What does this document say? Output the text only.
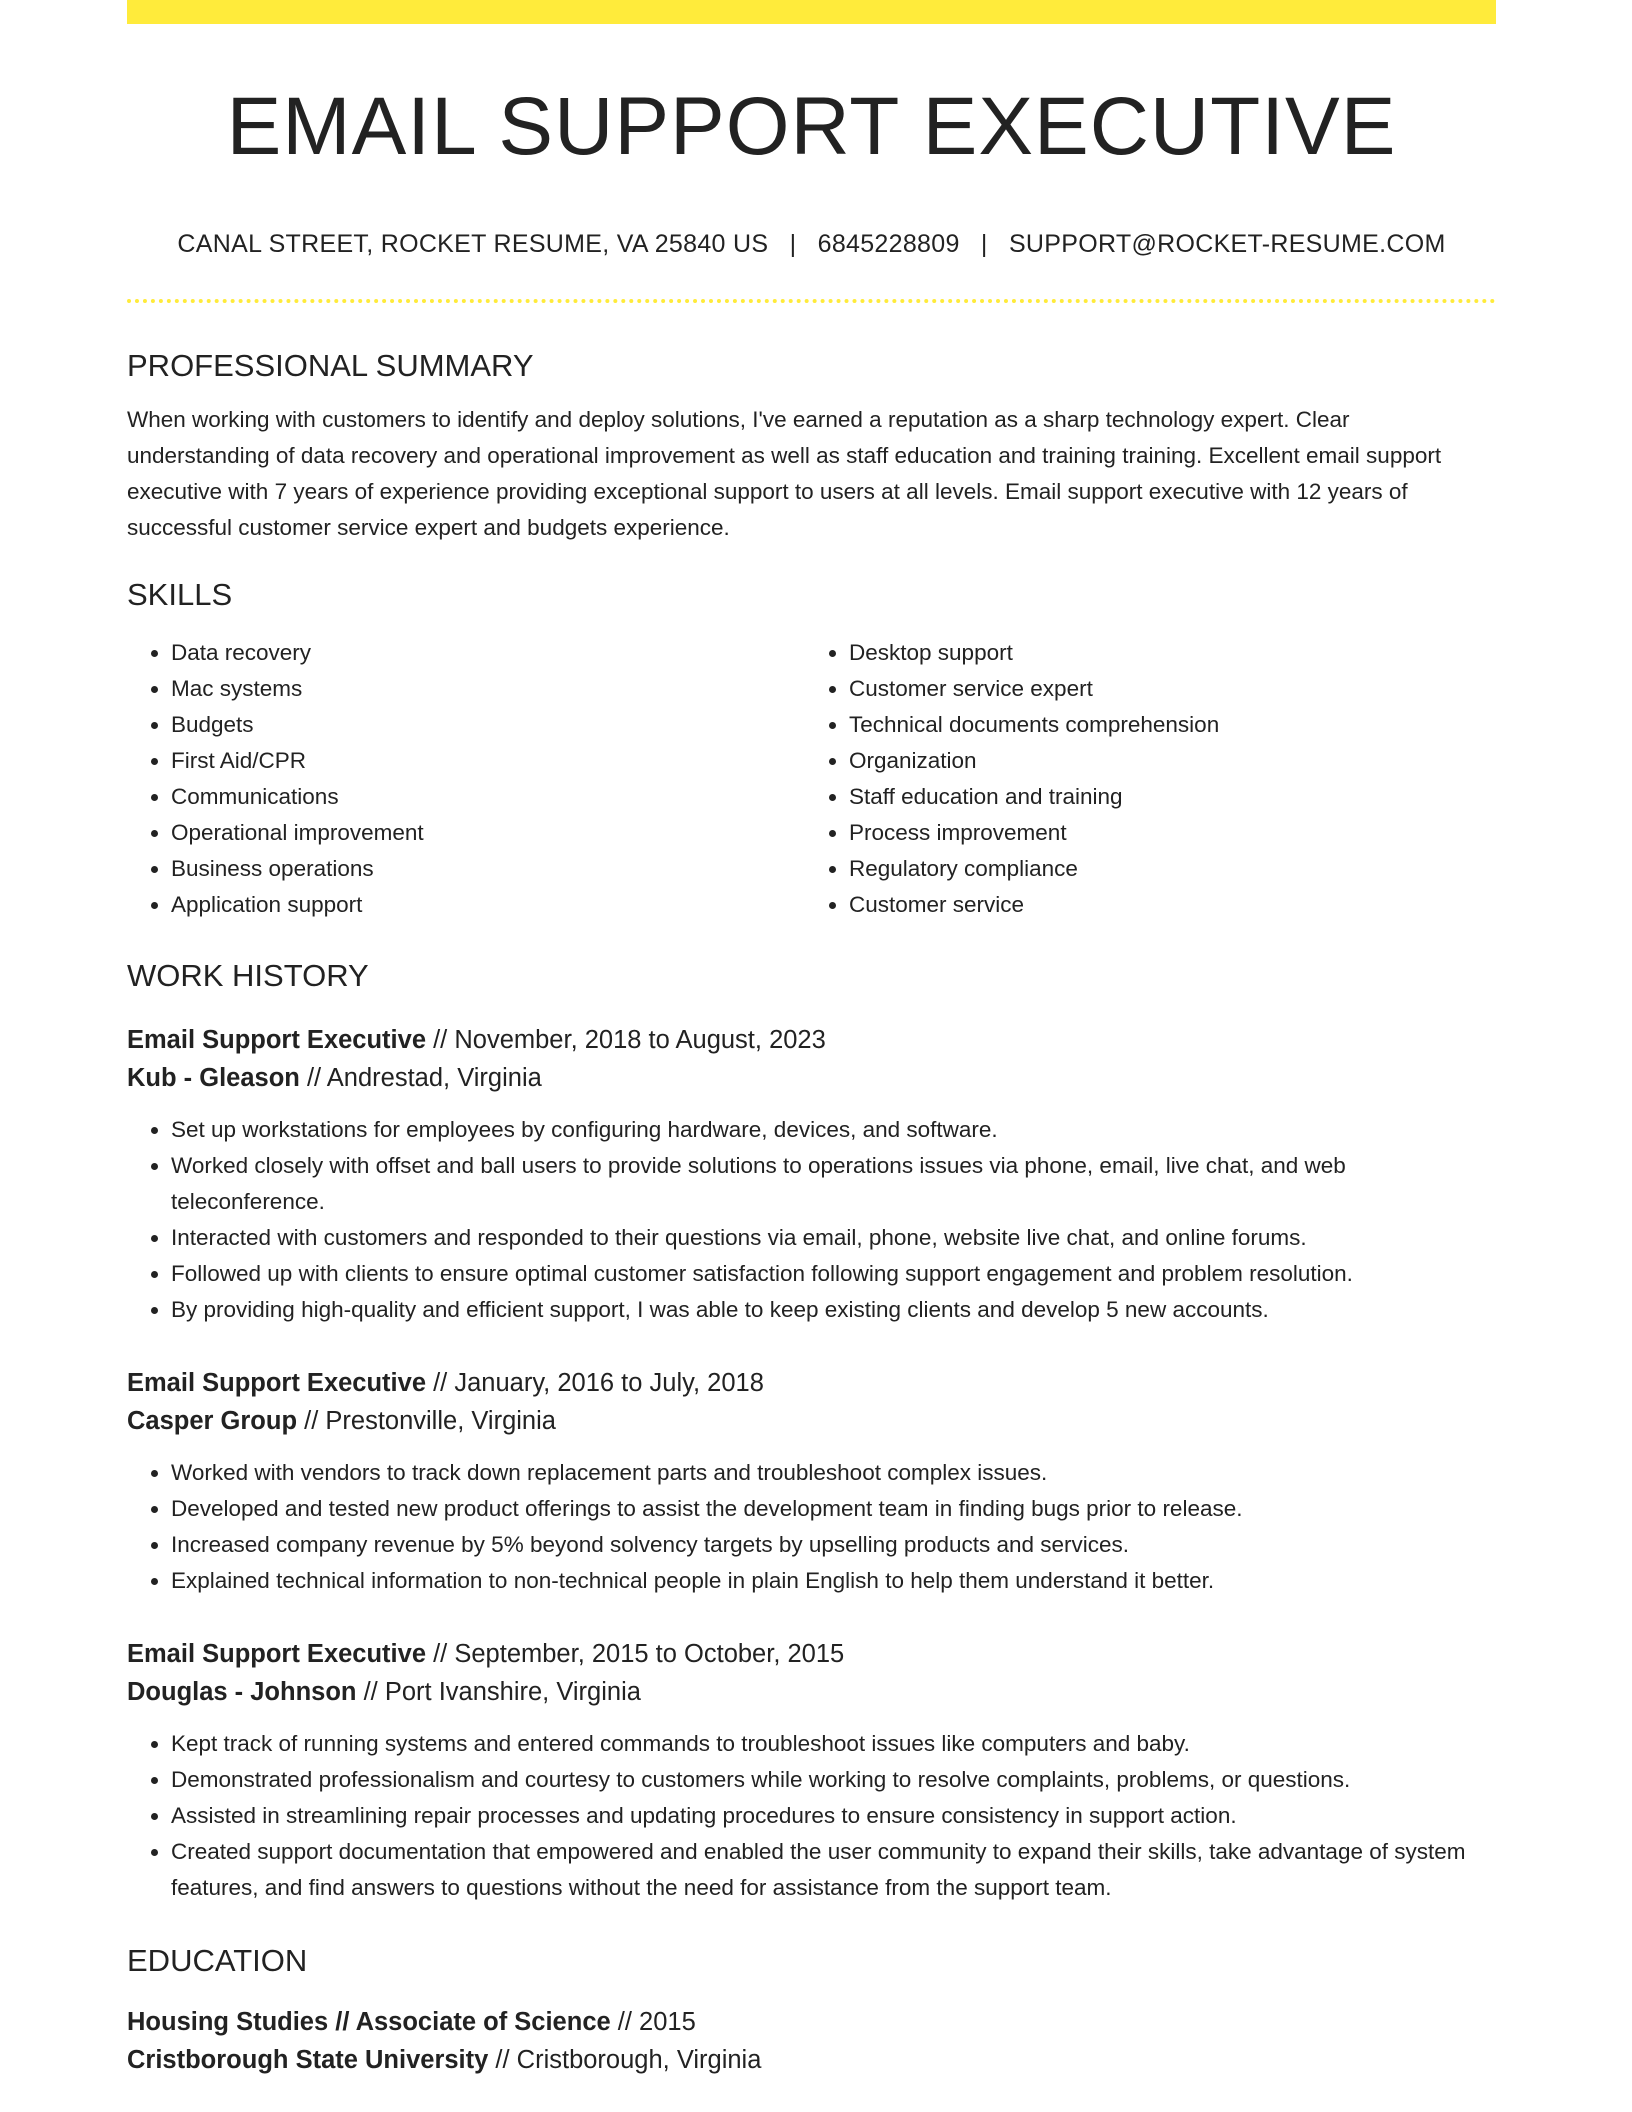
EMAIL SUPPORT EXECUTIVE
CANAL STREET, ROCKET RESUME, VA 25840 US | 6845228809 | SUPPORT@ROCKET-RESUME.COM
PROFESSIONAL SUMMARY

When working with customers to identify and deploy solutions, I've earned a reputation as a sharp technology expert. Clear understanding of data recovery and operational improvement as well as staff education and training training. Excellent email support executive with 7 years of experience providing exceptional support to users at all levels. Email support executive with 12 years of successful customer service expert and budgets experience.

SKILLS
• Data recovery
• Mac systems
• Budgets
• First Aid/CPR
• Communications
• Operational improvement
• Business operations
• Application support
• Desktop support
• Customer service expert
• Technical documents comprehension
• Organization
• Staff education and training
• Process improvement
• Regulatory compliance
• Customer service
WORK HISTORY
Email Support Executive // November, 2018 to August, 2023
Kub - Gleason // Andrestad, Virginia
• Set up workstations for employees by configuring hardware, devices, and software.
• Worked closely with offset and ball users to provide solutions to operations issues via phone, email, live chat, and web teleconference.
• Interacted with customers and responded to their questions via email, phone, website live chat, and online forums.
• Followed up with clients to ensure optimal customer satisfaction following support engagement and problem resolution.
• By providing high-quality and efficient support, I was able to keep existing clients and develop 5 new accounts.
Email Support Executive // January, 2016 to July, 2018
Casper Group // Prestonville, Virginia
• Worked with vendors to track down replacement parts and troubleshoot complex issues.
• Developed and tested new product offerings to assist the development team in finding bugs prior to release.
• Increased company revenue by 5% beyond solvency targets by upselling products and services.
• Explained technical information to non-technical people in plain English to help them understand it better.
Email Support Executive // September, 2015 to October, 2015
Douglas - Johnson // Port Ivanshire, Virginia
• Kept track of running systems and entered commands to troubleshoot issues like computers and baby.
• Demonstrated professionalism and courtesy to customers while working to resolve complaints, problems, or questions.
• Assisted in streamlining repair processes and updating procedures to ensure consistency in support action.
• Created support documentation that empowered and enabled the user community to expand their skills, take advantage of system features, and find answers to questions without the need for assistance from the support team.
EDUCATION
Housing Studies // Associate of Science // 2015
Cristborough State University // Cristborough, Virginia
